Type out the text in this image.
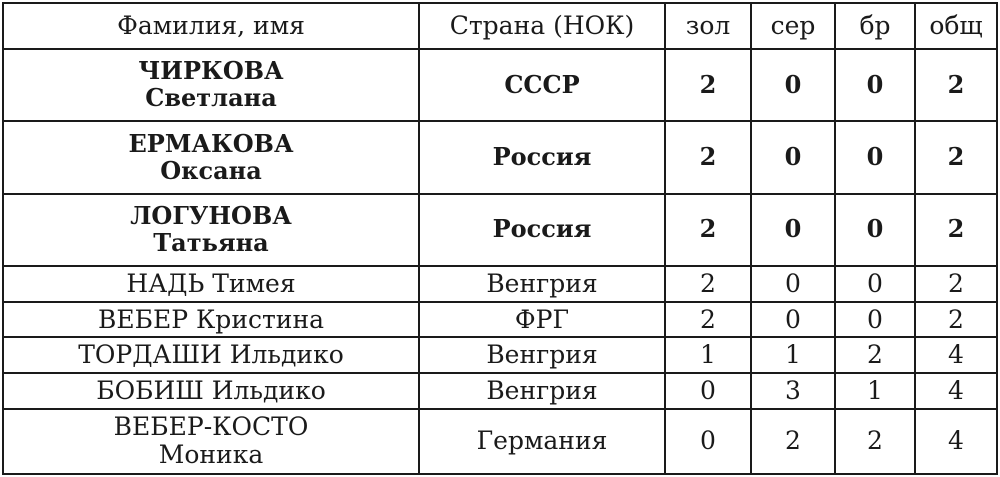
Фамилия, имя	Страна (НОК)	зол	сер	бр	общ

ЧИРКОВА
Светлана	СССР	2	0	0	2

ЕРМАКОВА
Оксана	Россия	2	0	0	2

ЛОГУНОВА
Татьяна	Россия	2	0	0	2
НАДЬ Тимея	Венгрия	2	0	0	2
ВЕБЕР Кристина	ФРГ	2	0	0	2
ТОРДАШИ Ильдико	Венгрия	1	1	2	4
БОБИШ Ильдико	Венгрия	0	3	1	4

ВЕБЕР-КОСТО
Моника	Германия	0	2	2	4
